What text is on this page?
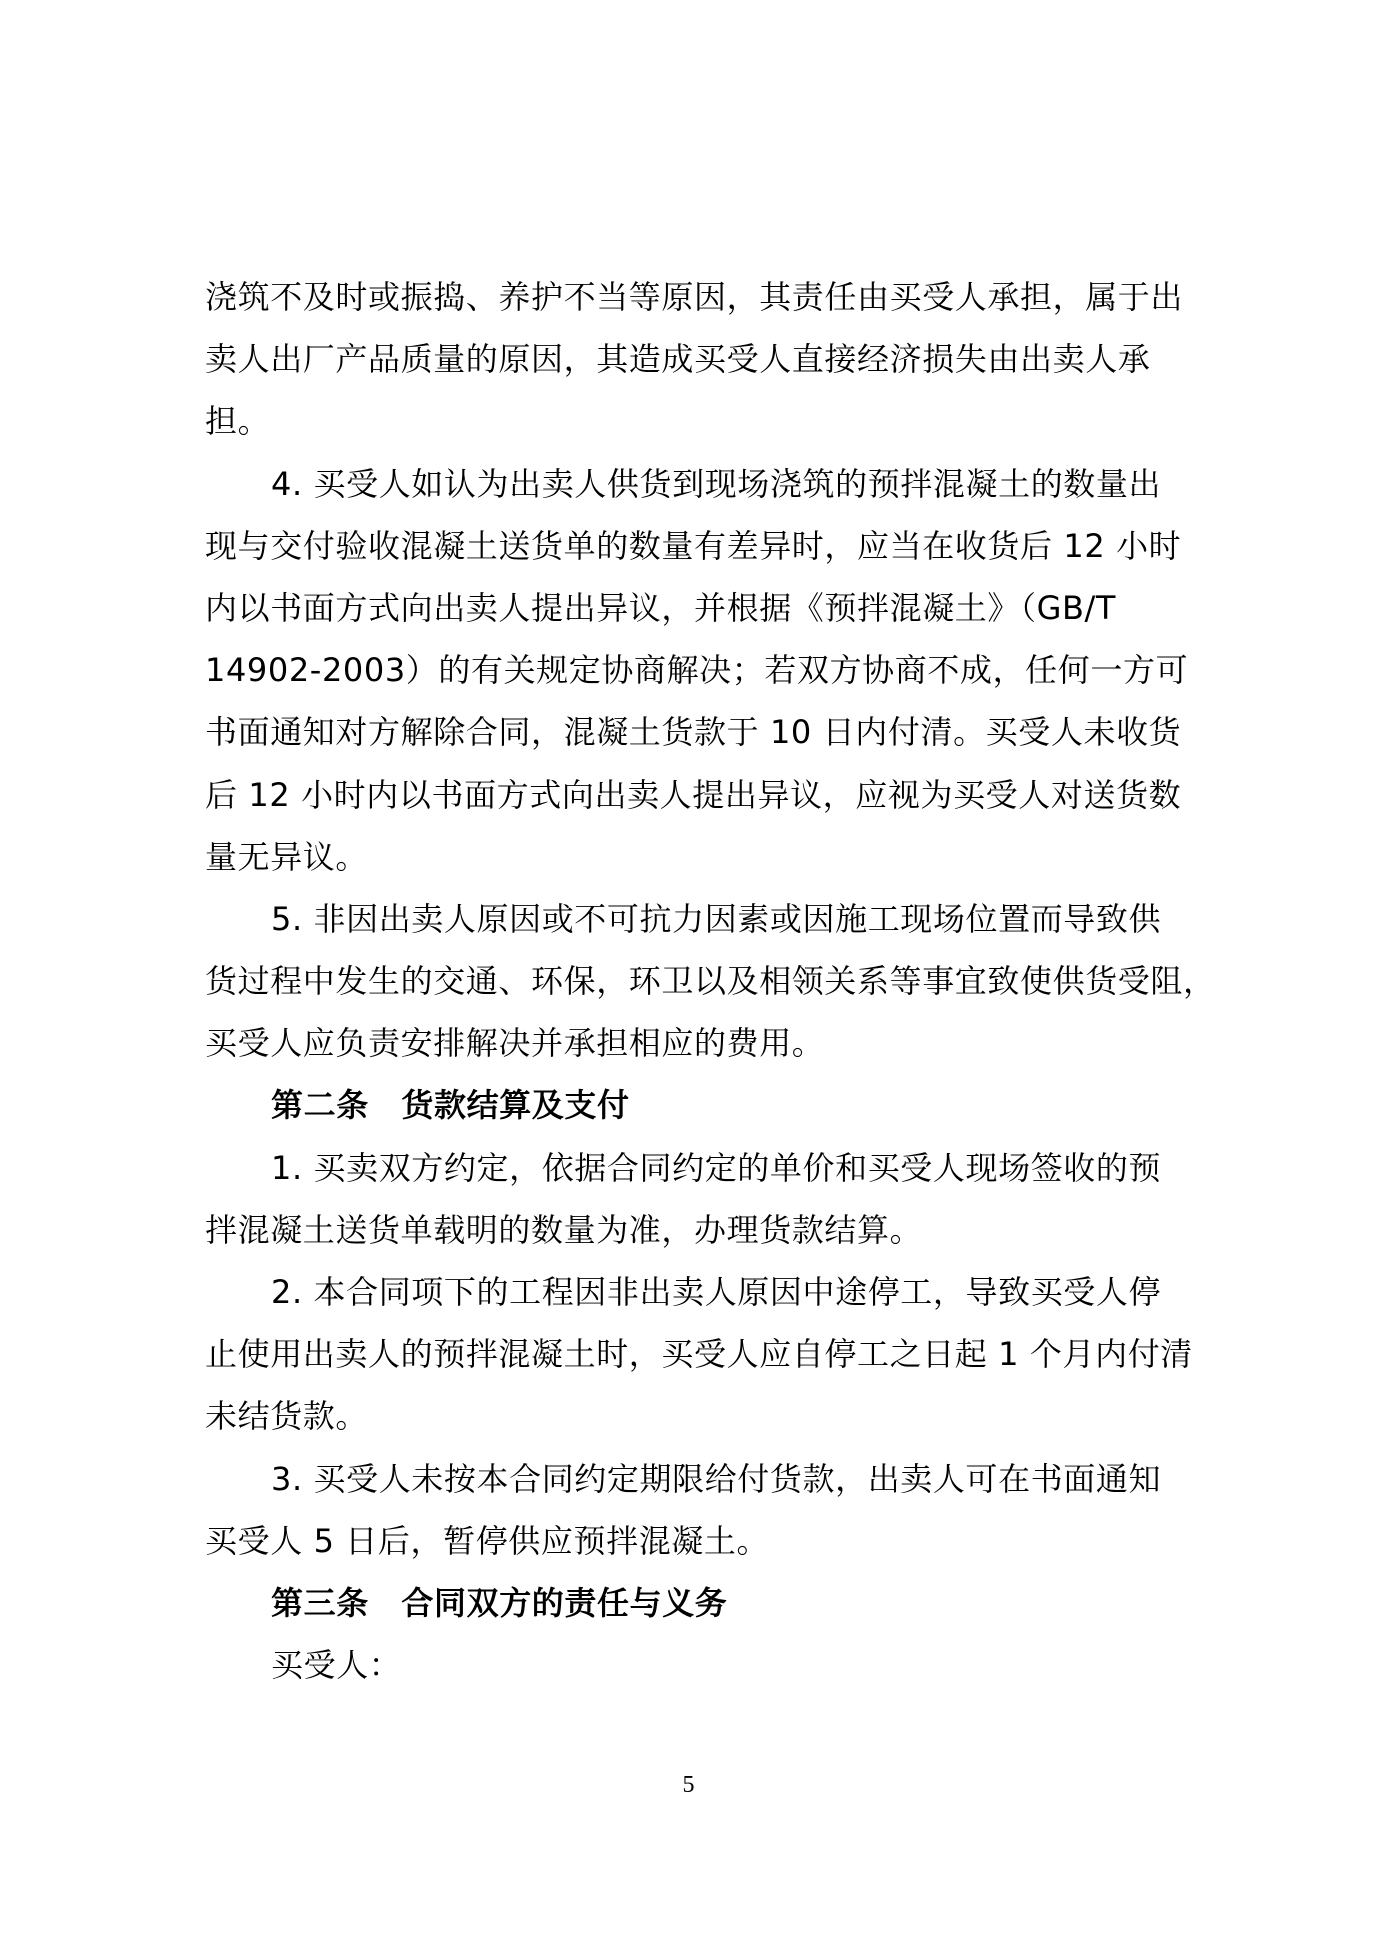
浇筑不及时或振捣、养护不当等原因，其责任由买受人承担，属于出
卖人出厂产品质量的原因，其造成买受人直接经济损失由出卖人承
担。
4. 买受人如认为出卖人供货到现场浇筑的预拌混凝土的数量出
现与交付验收混凝土送货单的数量有差异时，应当在收货后 12 小时
内以书面方式向出卖人提出异议，并根据《预拌混凝土》（GB/T
14902-2003）的有关规定协商解决；若双方协商不成，任何一方可
书面通知对方解除合同，混凝土货款于 10 日内付清。买受人未收货
后 12 小时内以书面方式向出卖人提出异议，应视为买受人对送货数
量无异议。
5. 非因出卖人原因或不可抗力因素或因施工现场位置而导致供
货过程中发生的交通、环保，环卫以及相领关系等事宜致使供货受阻，
买受人应负责安排解决并承担相应的费用。
第二条　货款结算及支付
1. 买卖双方约定，依据合同约定的单价和买受人现场签收的预
拌混凝土送货单载明的数量为准，办理货款结算。
2. 本合同项下的工程因非出卖人原因中途停工，导致买受人停
止使用出卖人的预拌混凝土时，买受人应自停工之日起 1 个月内付清
未结货款。
3. 买受人未按本合同约定期限给付货款，出卖人可在书面通知
买受人 5 日后，暂停供应预拌混凝土。
第三条　合同双方的责任与义务
买受人：
5
